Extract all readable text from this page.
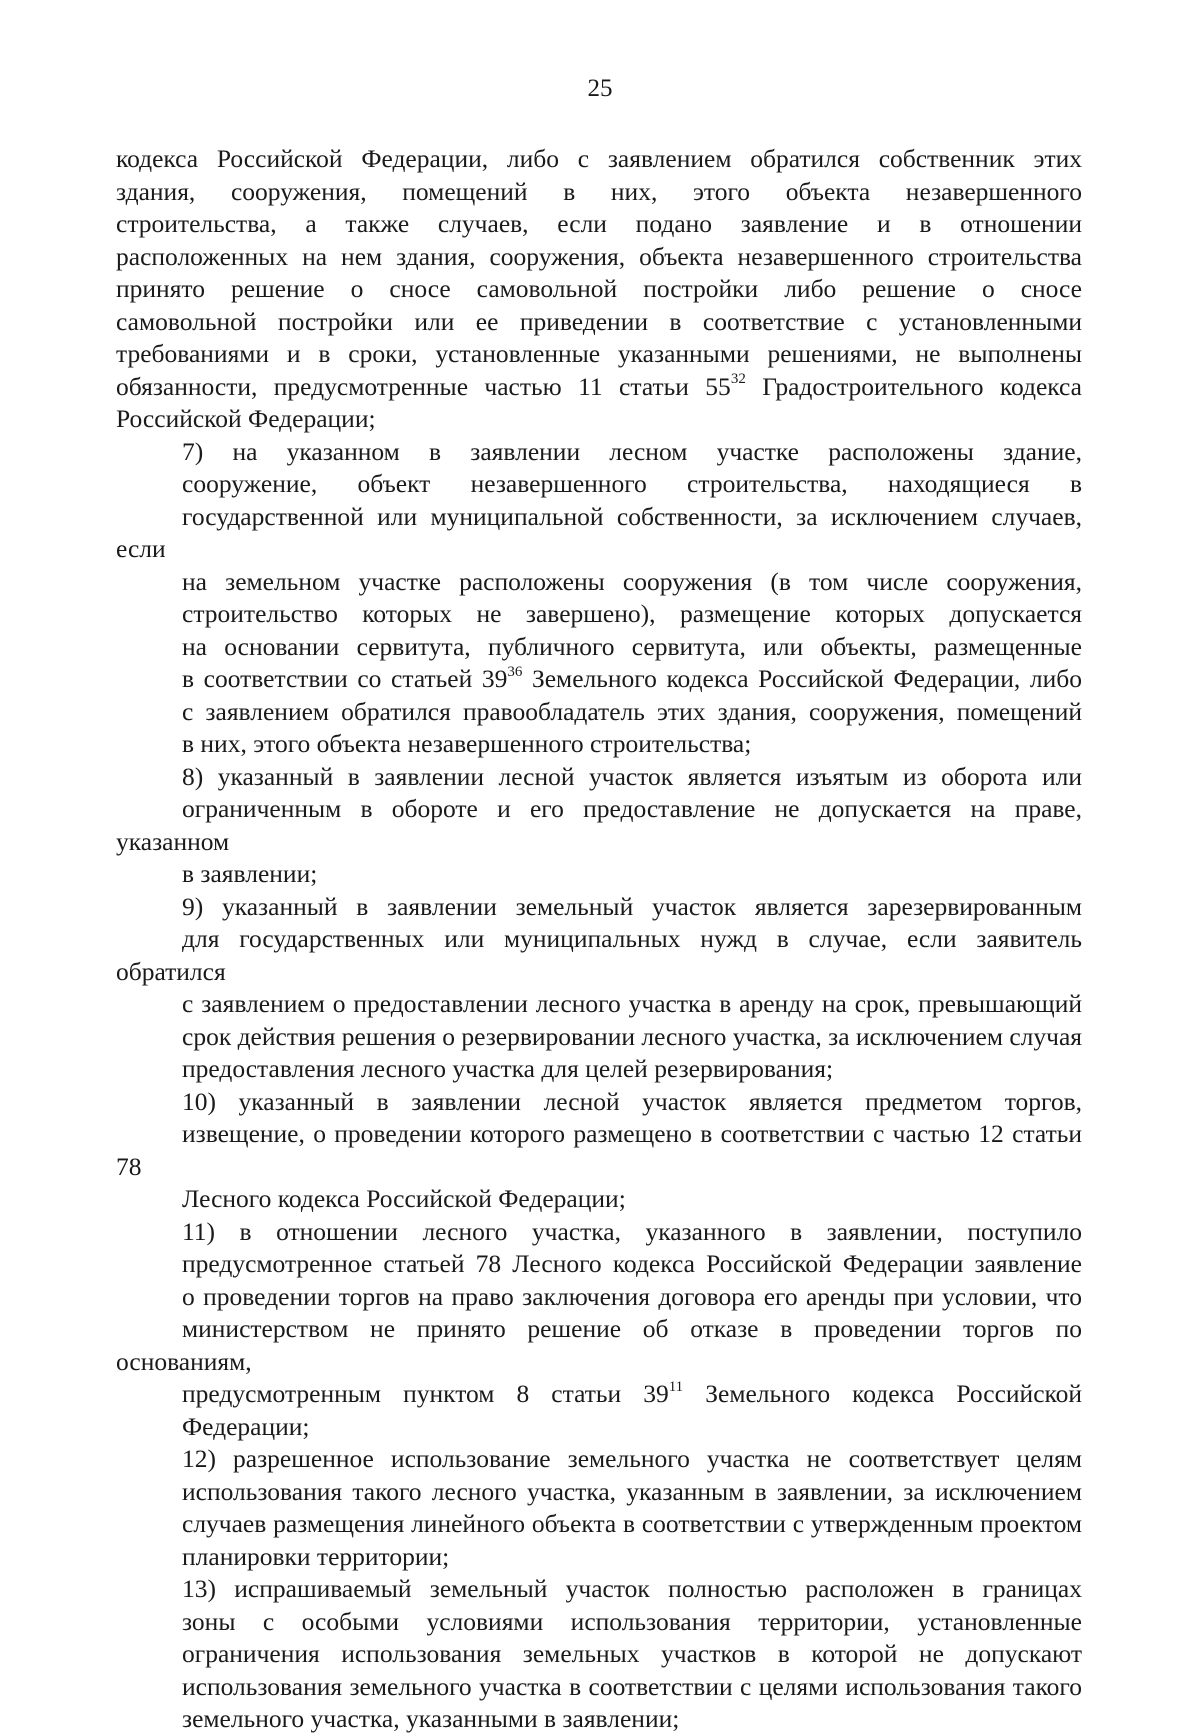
25
кодекса Российской Федерации, либо с заявлением обратился собственник этих
здания, сооружения, помещений в них, этого объекта незавершенного
строительства, а также случаев, если подано заявление и в отношении
расположенных на нем здания, сооружения, объекта незавершенного строительства
принято решение о сносе самовольной постройки либо решение о сносе
самовольной постройки или ее приведении в соответствие с установленными
требованиями и в сроки, установленные указанными решениями, не выполнены
обязанности, предусмотренные частью 11 статьи $55^{32}$ Градостроительного кодекса
Российской Федерации;
7) на указанном в заявлении лесном участке расположены здание,
сооружение, объект незавершенного строительства, находящиеся в
государственной или муниципальной собственности, за исключением случаев, если
на земельном участке расположены сооружения (в том числе сооружения,
строительство которых не завершено), размещение которых допускается
на основании сервитута, публичного сервитута, или объекты, размещенные
в соответствии со статьей $39^{36}$ Земельного кодекса Российской Федерации, либо
с заявлением обратился правообладатель этих здания, сооружения, помещений
в них, этого объекта незавершенного строительства;
8) указанный в заявлении лесной участок является изъятым из оборота или
ограниченным в обороте и его предоставление не допускается на праве, указанном
в заявлении;
9) указанный в заявлении земельный участок является зарезервированным
для государственных или муниципальных нужд в случае, если заявитель обратился
с заявлением о предоставлении лесного участка в аренду на срок, превышающий
срок действия решения о резервировании лесного участка, за исключением случая
предоставления лесного участка для целей резервирования;
10) указанный в заявлении лесной участок является предметом торгов,
извещение, о проведении которого размещено в соответствии с частью 12 статьи 78
Лесного кодекса Российской Федерации;
11) в отношении лесного участка, указанного в заявлении, поступило
предусмотренное статьей 78 Лесного кодекса Российской Федерации заявление
о проведении торгов на право заключения договора его аренды при условии, что
министерством не принято решение об отказе в проведении торгов по основаниям,
предусмотренным пунктом 8 статьи $39^{11}$ Земельного кодекса Российской
Федерации;
12) разрешенное использование земельного участка не соответствует целям
использования такого лесного участка, указанным в заявлении, за исключением
случаев размещения линейного объекта в соответствии с утвержденным проектом
планировки территории;
13) испрашиваемый земельный участок полностью расположен в границах
зоны с особыми условиями использования территории, установленные
ограничения использования земельных участков в которой не допускают
использования земельного участка в соответствии с целями использования такого
земельного участка, указанными в заявлении;
